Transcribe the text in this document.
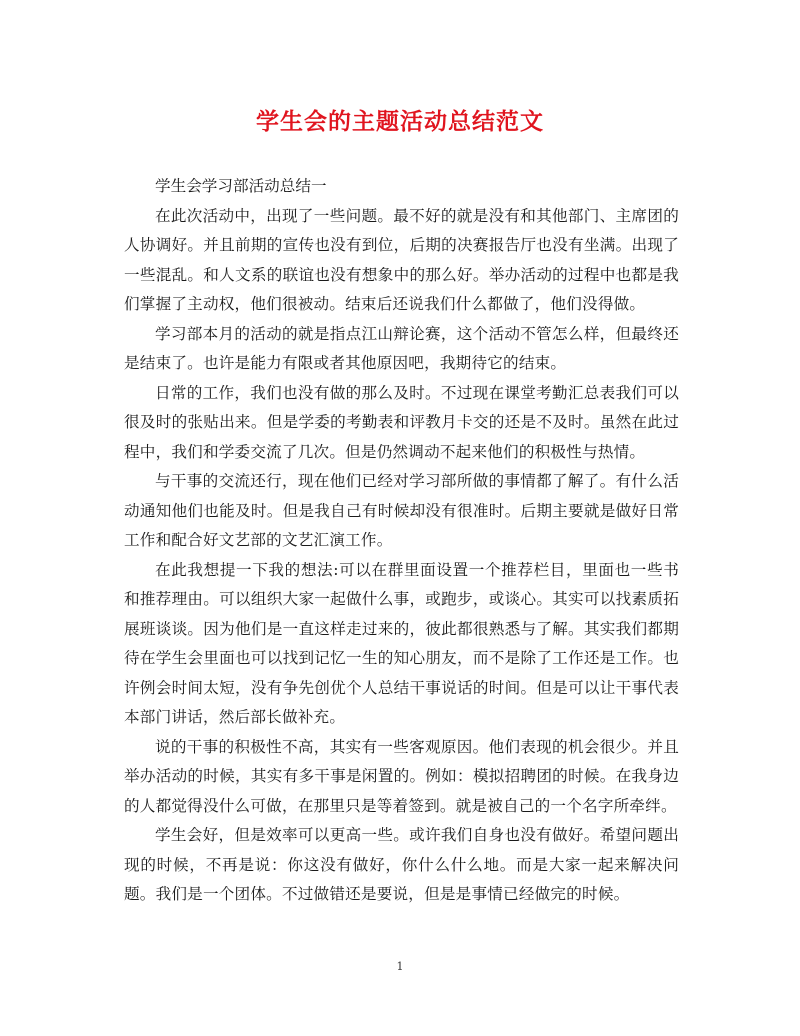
学生会的主题活动总结范文

学生会学习部活动总结一

在此次活动中，出现了一些问题。最不好的就是没有和其他部门、主席团的人协调好。并且前期的宣传也没有到位，后期的决赛报告厅也没有坐满。出现了一些混乱。和人文系的联谊也没有想象中的那么好。举办活动的过程中也都是我们掌握了主动权，他们很被动。结束后还说我们什么都做了，他们没得做。

学习部本月的活动的就是指点江山辩论赛，这个活动不管怎么样，但最终还是结束了。也许是能力有限或者其他原因吧，我期待它的结束。

日常的工作，我们也没有做的那么及时。不过现在课堂考勤汇总表我们可以很及时的张贴出来。但是学委的考勤表和评教月卡交的还是不及时。虽然在此过程中，我们和学委交流了几次。但是仍然调动不起来他们的积极性与热情。

与干事的交流还行，现在他们已经对学习部所做的事情都了解了。有什么活动通知他们也能及时。但是我自己有时候却没有很准时。后期主要就是做好日常工作和配合好文艺部的文艺汇演工作。

在此我想提一下我的想法:可以在群里面设置一个推荐栏目，里面也一些书和推荐理由。可以组织大家一起做什么事，或跑步，或谈心。其实可以找素质拓展班谈谈。因为他们是一直这样走过来的，彼此都很熟悉与了解。其实我们都期待在学生会里面也可以找到记忆一生的知心朋友，而不是除了工作还是工作。也许例会时间太短，没有争先创优个人总结干事说话的时间。但是可以让干事代表本部门讲话，然后部长做补充。

说的干事的积极性不高，其实有一些客观原因。他们表现的机会很少。并且举办活动的时候，其实有多干事是闲置的。例如：模拟招聘团的时候。在我身边的人都觉得没什么可做，在那里只是等着签到。就是被自己的一个名字所牵绊。

学生会好，但是效率可以更高一些。或许我们自身也没有做好。希望问题出现的时候，不再是说：你这没有做好，你什么什么地。而是大家一起来解决问题。我们是一个团体。不过做错还是要说，但是是事情已经做完的时候。

1
